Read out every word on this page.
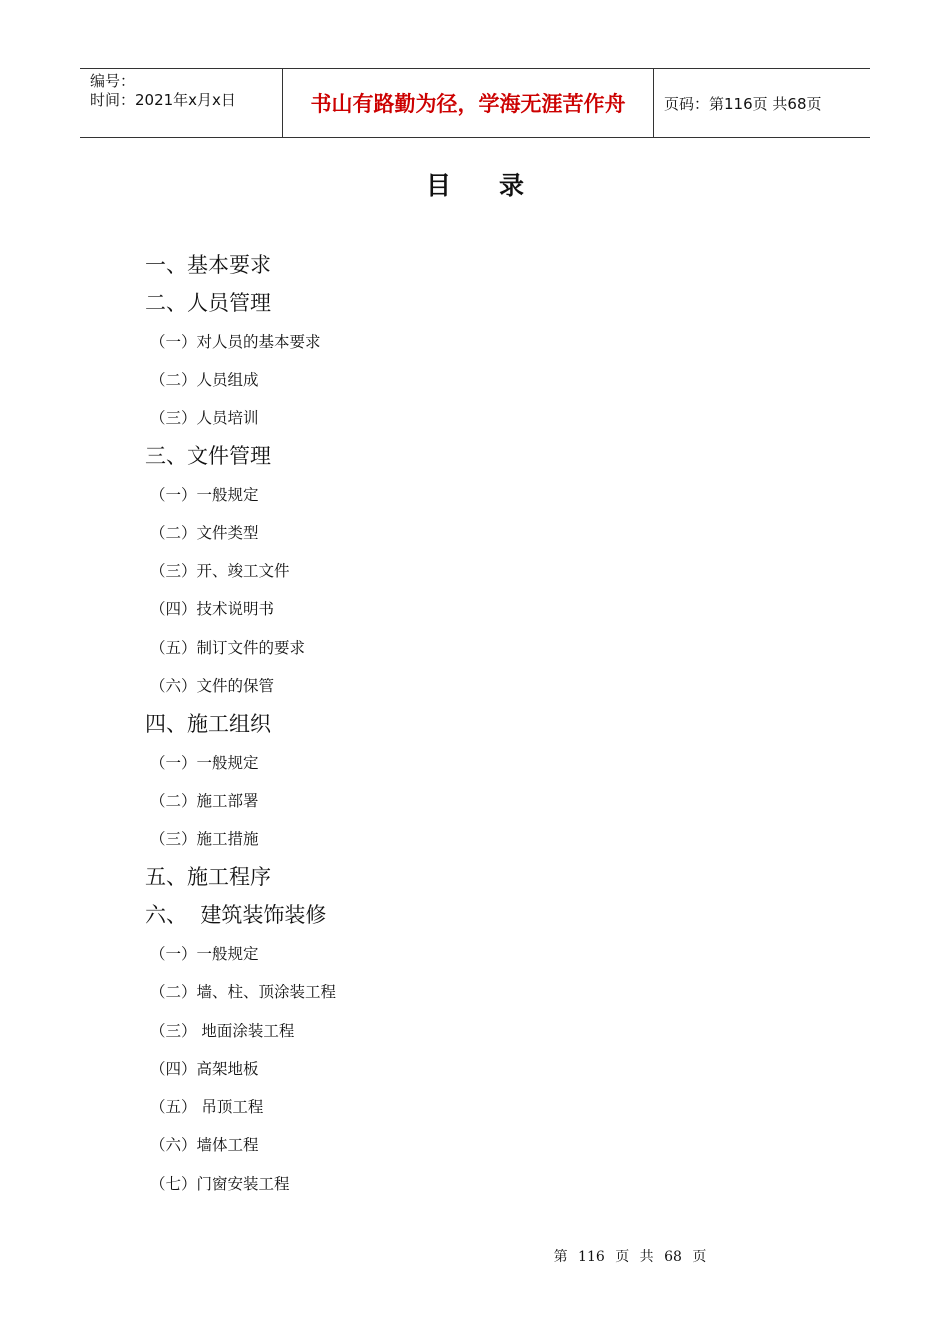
编号：
时间：2021年x月x日	书山有路勤为径，学海无涯苦作舟	页码：第116页 共68页
目录
一、基本要求
二、人员管理
（一）对人员的基本要求
（二）人员组成
（三）人员培训
三、文件管理
（一）一般规定
（二）文件类型
（三）开、竣工文件
（四）技术说明书
（五）制订文件的要求
（六）文件的保管
四、施工组织
（一）一般规定
（二）施工部署
（三）施工措施
五、施工程序
六、  建筑装饰装修
（一）一般规定
（二）墙、柱、顶涂装工程
（三） 地面涂装工程
（四）高架地板
（五） 吊顶工程
（六）墙体工程
（七）门窗安装工程
第 116 页 共 68 页
